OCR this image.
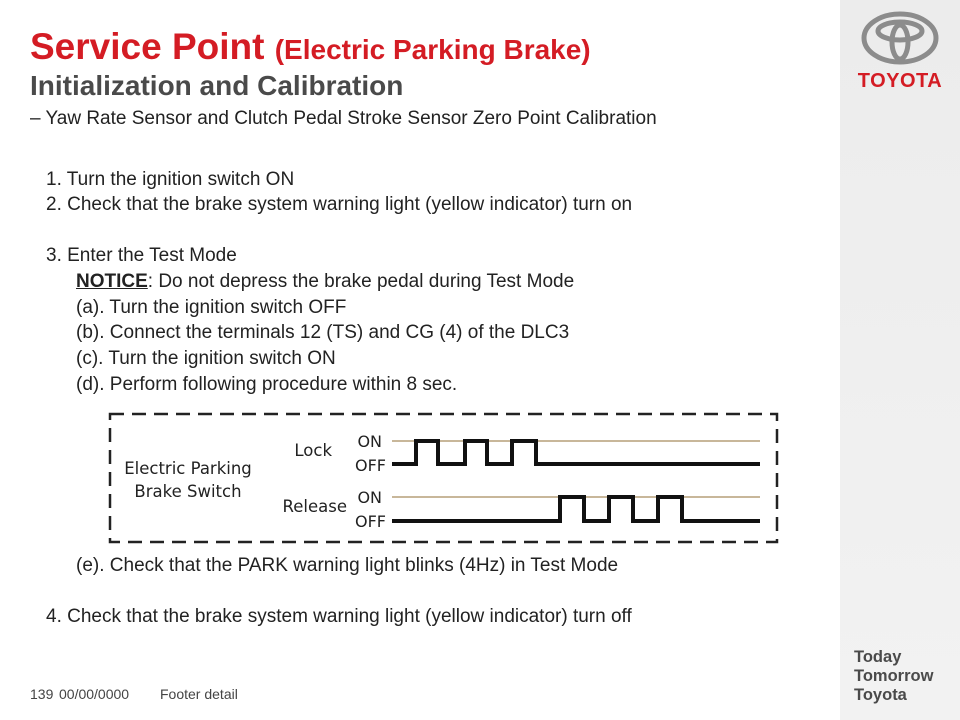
TOYOTA
Today
Tomorrow
Toyota
Service Point (Electric Parking Brake)
Initialization and Calibration
– Yaw Rate Sensor and Clutch Pedal Stroke Sensor Zero Point Calibration
1. Turn the ignition switch ON
2. Check that the brake system warning light (yellow indicator) turn on
3. Enter the Test Mode
NOTICE: Do not depress the brake pedal during Test Mode
(a). Turn the ignition switch OFF
(b). Connect the terminals 12 (TS) and CG (4) of the DLC3
(c). Turn the ignition switch ON
(d). Perform following procedure within 8 sec.
Electric Parking
Brake Switch
Lock
Release
ON
OFF
ON
OFF
(e). Check that the PARK warning light blinks (4Hz) in Test Mode
4. Check that the brake system warning light (yellow indicator) turn off
139 00/00/0000 Footer detail
